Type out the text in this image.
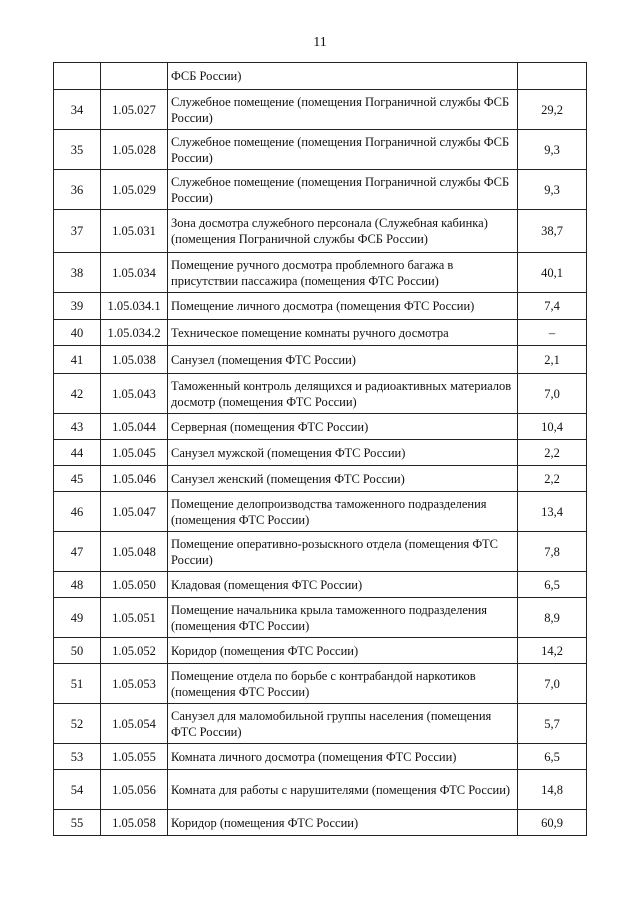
11
		ФСБ России)	
34	1.05.027	Служебное помещение (помещения Пограничной службы ФСБ России)	29,2
35	1.05.028	Служебное помещение (помещения Пограничной службы ФСБ России)	9,3
36	1.05.029	Служебное помещение (помещения Пограничной службы ФСБ России)	9,3
37	1.05.031	Зона досмотра служебного персонала (Служебная кабинка) (помещения Пограничной службы ФСБ России)	38,7
38	1.05.034	Помещение ручного досмотра проблемного багажа в присутствии пассажира (помещения ФТС России)	40,1
39	1.05.034.1	Помещение личного досмотра (помещения ФТС России)	7,4
40	1.05.034.2	Техническое помещение комнаты ручного досмотра	–
41	1.05.038	Санузел (помещения ФТС России)	2,1
42	1.05.043	Таможенный контроль делящихся и радиоактивных материалов досмотр (помещения ФТС России)	7,0
43	1.05.044	Серверная (помещения ФТС России)	10,4
44	1.05.045	Санузел мужской (помещения ФТС России)	2,2
45	1.05.046	Санузел женский (помещения ФТС России)	2,2
46	1.05.047	Помещение делопроизводства таможенного подразделения (помещения ФТС России)	13,4
47	1.05.048	Помещение оперативно-розыскного отдела (помещения ФТС России)	7,8
48	1.05.050	Кладовая (помещения ФТС России)	6,5
49	1.05.051	Помещение начальника крыла таможенного подразделения (помещения ФТС России)	8,9
50	1.05.052	Коридор (помещения ФТС России)	14,2
51	1.05.053	Помещение отдела по борьбе с контрабандой наркотиков (помещения ФТС России)	7,0
52	1.05.054	Санузел для маломобильной группы населения (помещения ФТС России)	5,7
53	1.05.055	Комната личного досмотра (помещения ФТС России)	6,5
54	1.05.056	Комната для работы с нарушителями (помещения ФТС России)	14,8
55	1.05.058	Коридор (помещения ФТС России)	60,9
